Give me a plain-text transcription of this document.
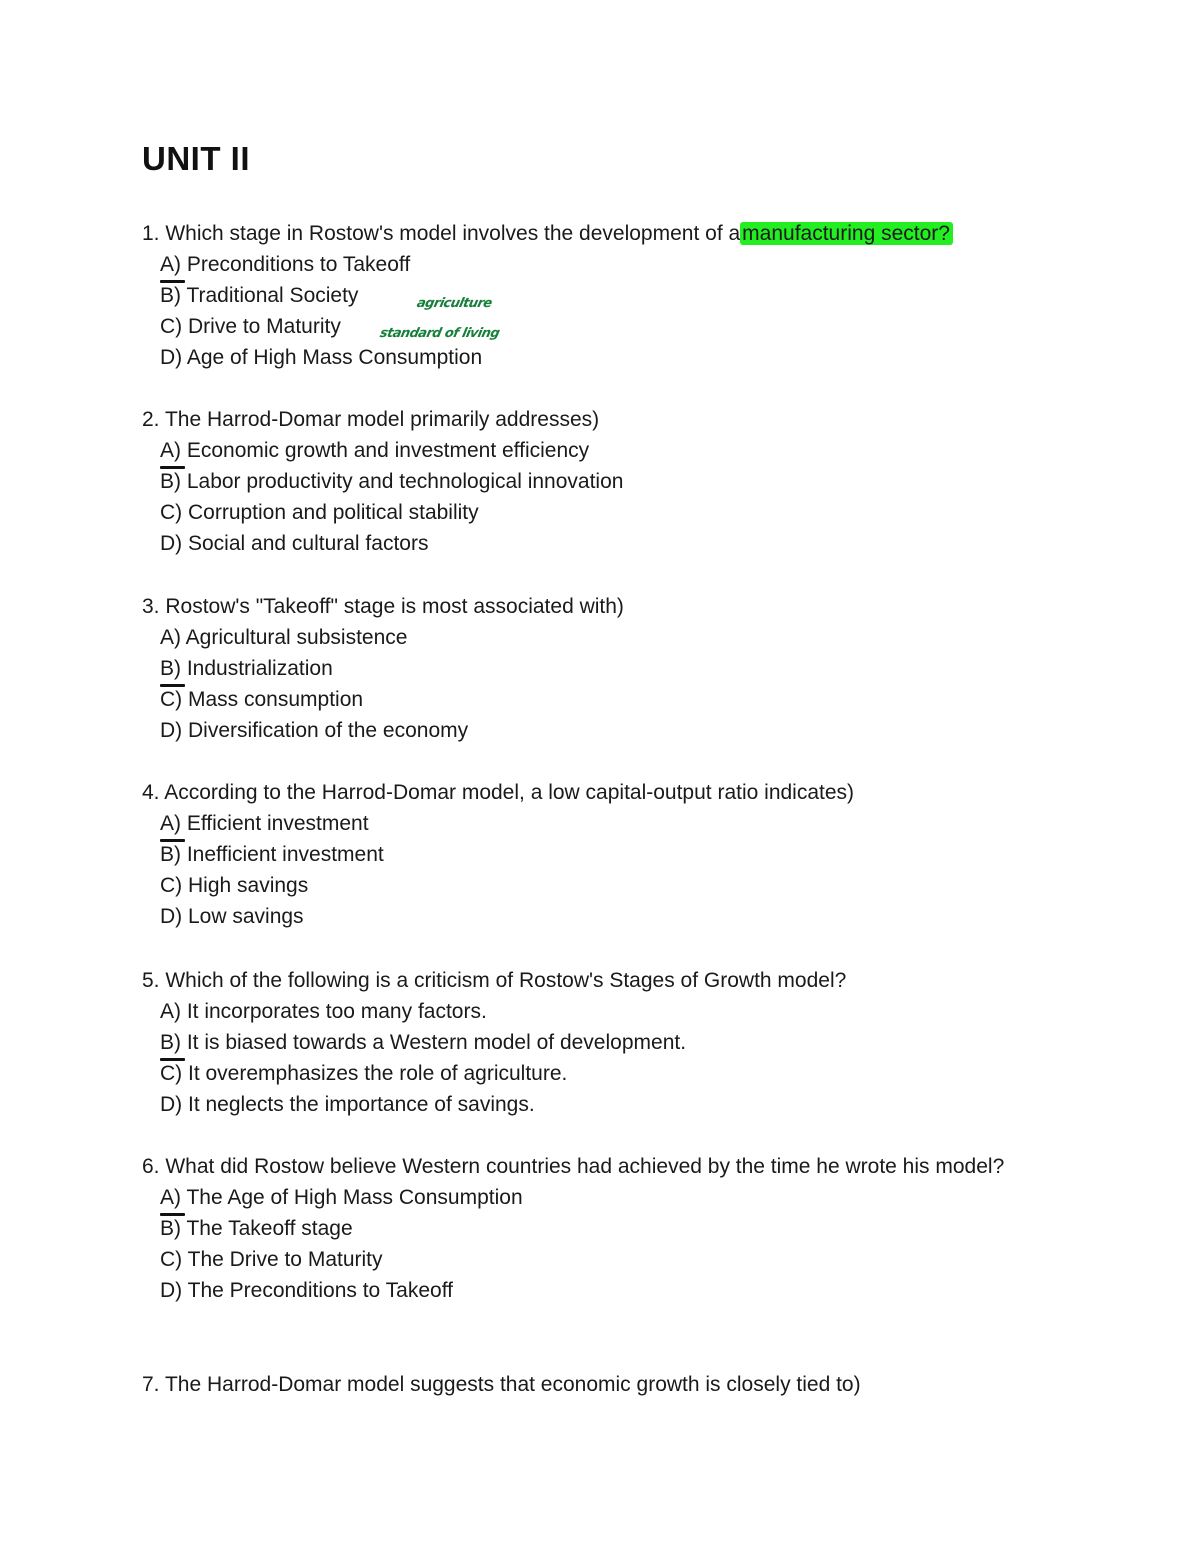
UNIT II
1. Which stage in Rostow's model involves the development of amanufacturing sector?
A) Preconditions to Takeoff
B) Traditional Society
C) Drive to Maturity
D) Age of High Mass Consumption
agriculture
standard of living
2. The Harrod-Domar model primarily addresses)
A) Economic growth and investment efficiency
B) Labor productivity and technological innovation
C) Corruption and political stability
D) Social and cultural factors
3. Rostow's "Takeoff" stage is most associated with)
A) Agricultural subsistence
B) Industrialization
C) Mass consumption
D) Diversification of the economy
4. According to the Harrod-Domar model, a low capital-output ratio indicates)
A) Efficient investment
B) Inefficient investment
C) High savings
D) Low savings
5. Which of the following is a criticism of Rostow's Stages of Growth model?
A) It incorporates too many factors.
B) It is biased towards a Western model of development.
C) It overemphasizes the role of agriculture.
D) It neglects the importance of savings.
6. What did Rostow believe Western countries had achieved by the time he wrote his model?
A) The Age of High Mass Consumption
B) The Takeoff stage
C) The Drive to Maturity
D) The Preconditions to Takeoff
7. The Harrod-Domar model suggests that economic growth is closely tied to)
